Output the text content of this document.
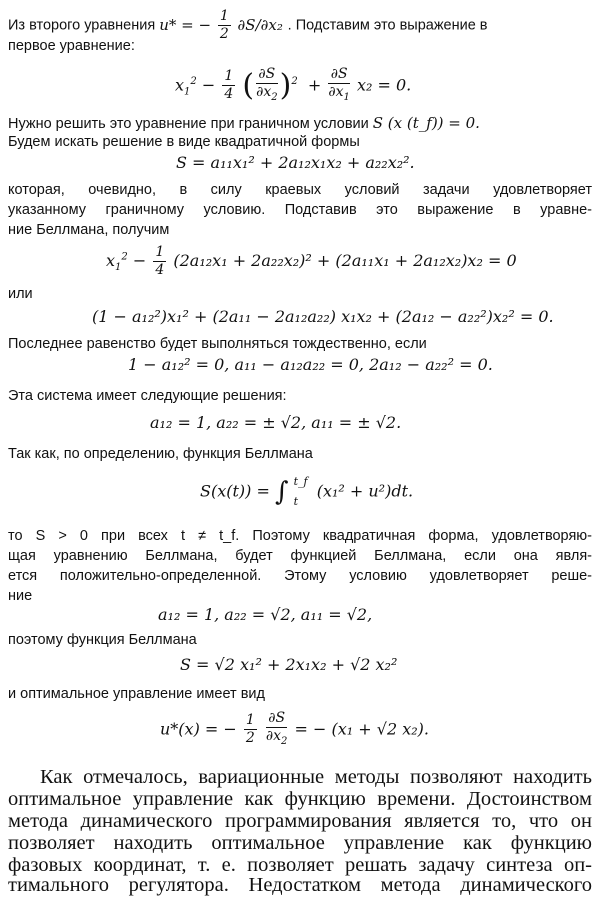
Из второго уравнения u* = − $\frac{1}{2} \partial S/\partial x_2$ . Подставим это выражение в
первое уравнение:
$x_1^2 - \frac{1}{4}$ ( $\frac{\partial S}{\partial x_2} )^2 + \frac{\partial S}{\partial x_1} x_2 = 0$.
Нужно решить это уравнение при граничном условии S (x (t_f)) = 0.
Будем искать решение в виде квадратичной формы
S = a₁₁x₁² + 2a₁₂x₁x₂ + a₂₂x₂².
которая, очевидно, в силу краевых условий задачи удовлетворяет
указанному граничному условию. Подставив это выражение в уравне-
ние Беллмана, получим
$x_1^2 - \frac{1}{4} (2a_{12}x_1 + 2a_{22}x_2)^2 + (2a_{11}x_1 + 2a_{12}x_2)x_2 = 0$
или
(1 − a₁₂²)x₁² + (2a₁₁ − 2a₁₂a₂₂) x₁x₂ + (2a₁₂ − a₂₂²)x₂² = 0.
Последнее равенство будет выполняться тождественно, если
1 − a₁₂² = 0, a₁₁ − a₁₂a₂₂ = 0, 2a₁₂ − a₂₂² = 0.
Эта система имеет следующие решения:
a₁₂ = 1, a₂₂ = ± √2, a₁₁ = ± √2.
Так как, по определению, функция Беллмана
S(x(t)) = ∫ t_f
t
(x₁² + u²)dt.
то S > 0 при всех t ≠ t_f. Поэтому квадратичная форма, удовлетворяю-
щая уравнению Беллмана, будет функцией Беллмана, если она явля-
ется положительно-определенной. Этому условию удовлетворяет реше-
ние
a₁₂ = 1, a₂₂ = √2, a₁₁ = √2,
поэтому функция Беллмана
S = √2 x₁² + 2x₁x₂ + √2 x₂²
и оптимальное управление имеет вид
u*(x) = − $\frac{1}{2}$
$\frac{\partial S}{\partial x_2}$ = − (x₁ + √2 x₂).
Как отмечалось, вариационные методы позволяют находить
оптимальное управление как функцию времени. Достоинством
метода динамического программирования является то, что он
позволяет находить оптимальное управление как функцию
фазовых координат, т. е. позволяет решать задачу синтеза оп-
тимального регулятора. Недостатком метода динамического
